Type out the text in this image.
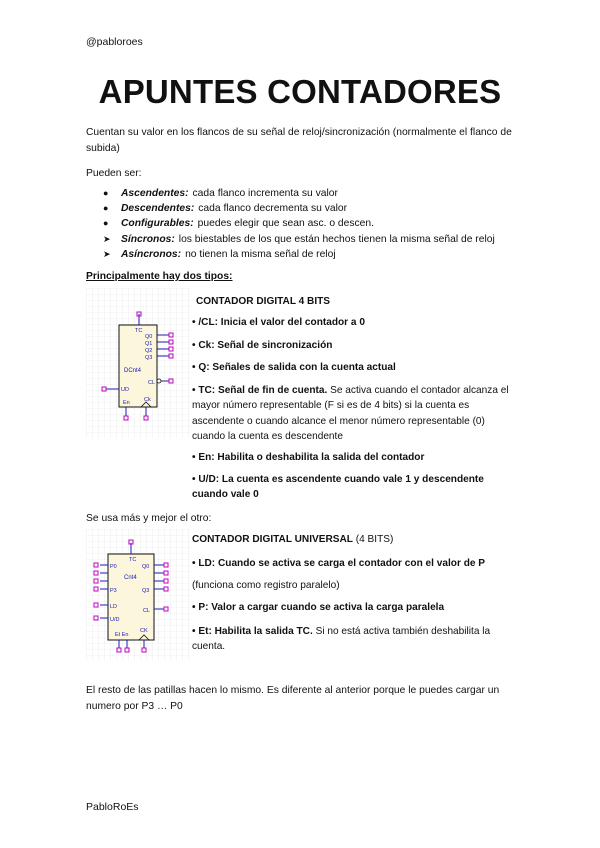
@pabloroes
APUNTES CONTADORES
Cuentan su valor en los flancos de su señal de reloj/sincronización (normalmente el flanco de subida)
Pueden ser:
●	Ascendentes: cada flanco incrementa su valor
●	Descendentes: cada flanco decrementa su valor
●	Configurables: puedes elegir que sean asc. o descen.
➤	Síncronos: los biestables de los que están hechos tienen la misma señal de reloj
➤	Asíncronos: no tienen la misma señal de reloj
Principalmente hay dos tipos:
TC
Q0
Q1
Q2
Q3
DCnt4
CL
UD
En	Ck
CONTADOR DIGITAL 4 BITS
• /CL: Inicia el valor del contador a 0
• Ck: Señal de sincronización
• Q: Señales de salida con la cuenta actual
• TC: Señal de fin de cuenta. Se activa cuando el contador alcanza el mayor número representable (F si es de 4 bits) si la cuenta es ascendente o cuando alcance el menor número representable (0) cuando la cuenta es descendente
• En: Habilita o deshabilita la salida del contador
• U/D: La cuenta es ascendente cuando vale 1 y descendente cuando vale 0
Se usa más y mejor el otro:
TC
P0	Q0
Cnt4
P3	Q3
LD
U/D
CL
Et En
CK
CONTADOR DIGITAL UNIVERSAL (4 BITS)
• LD: Cuando se activa se carga el contador con el valor de P
(funciona como registro paralelo)
• P: Valor a cargar cuando se activa la carga paralela
• Et: Habilita la salida TC. Si no está activa también deshabilita la cuenta.
El resto de las patillas hacen lo mismo. Es diferente al anterior porque le puedes cargar un numero por P3 … P0
PabloRoEs
